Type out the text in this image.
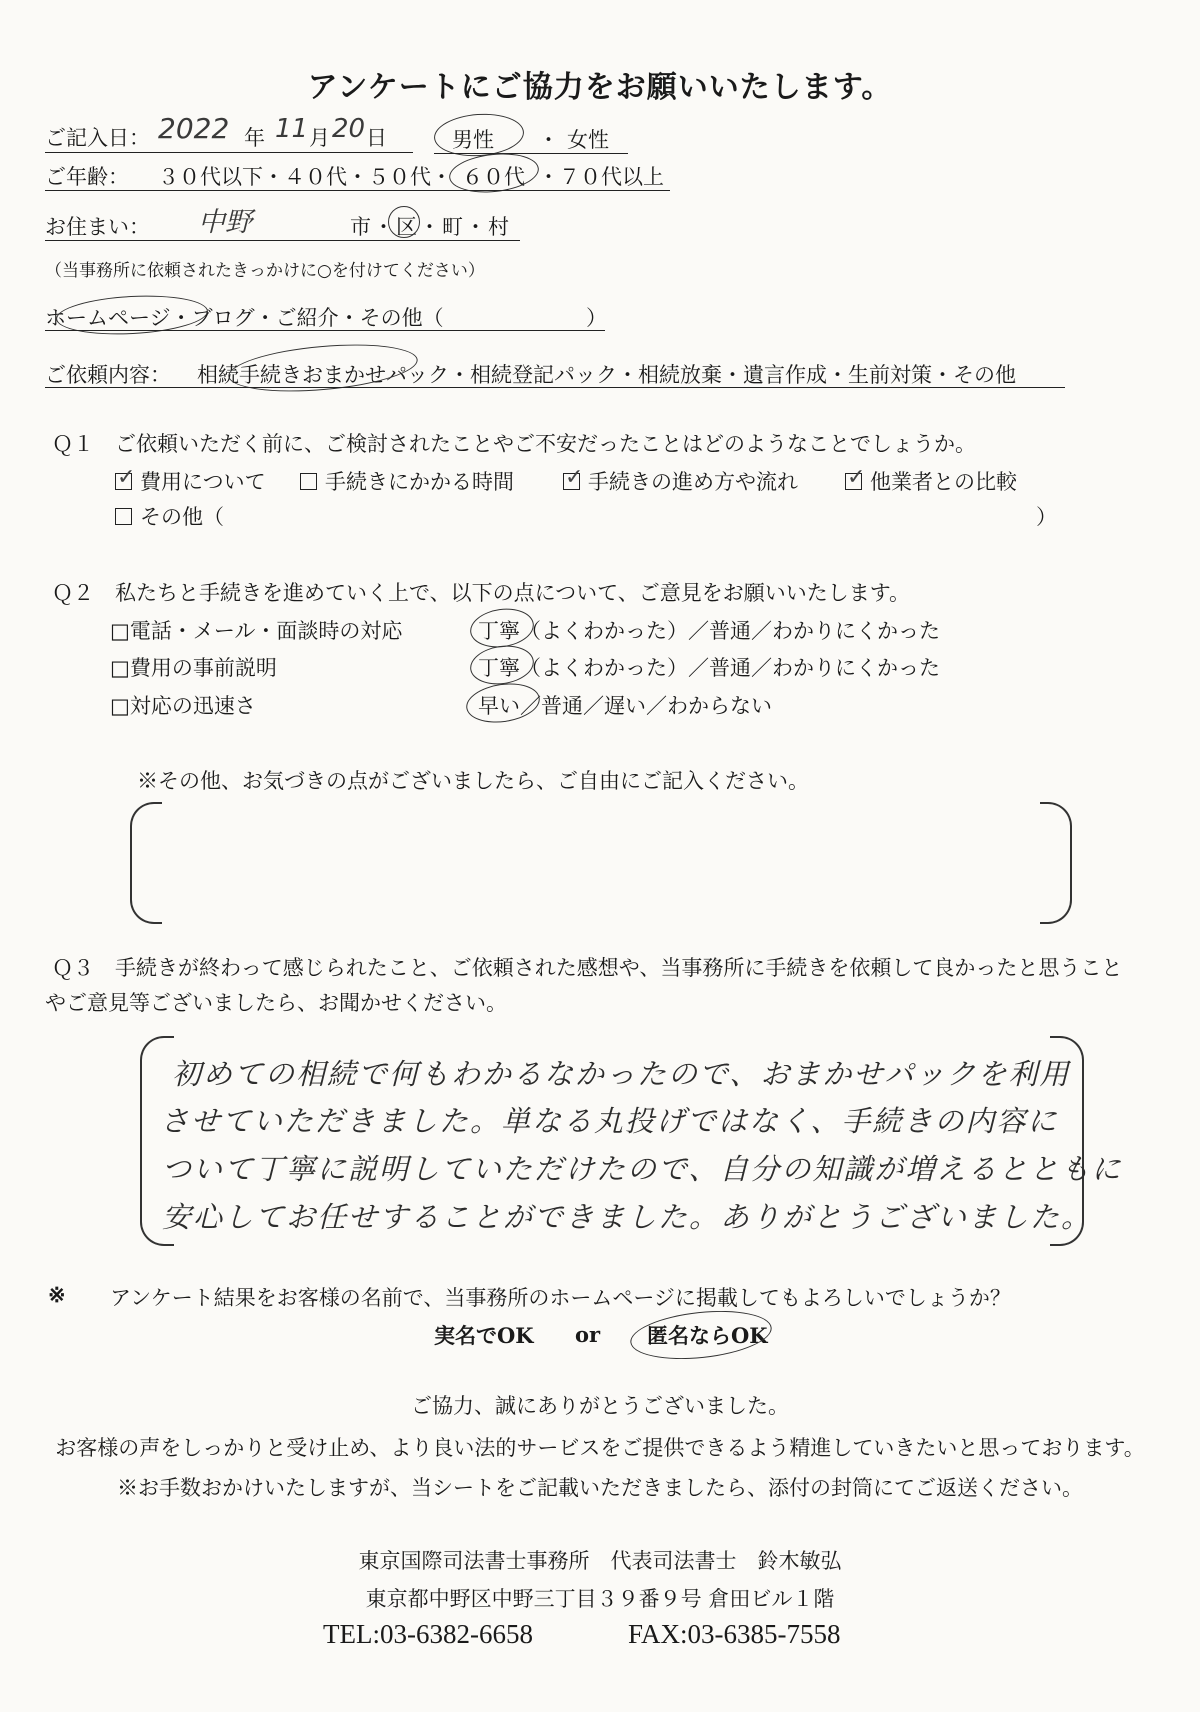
アンケートにご協力をお願いいたします。
ご記入日： 2022 年 11 月 20 日	男性 ・ 女性
ご年齢： ３０代以下・４０代・５０代・ ６０代 ・７０代以上
お住まい： 中野	市・区・町・村
（当事務所に依頼されたきっかけに○を付けてください）
ホームページ・ブログ・ご紹介・その他（	）
ご依頼内容： 相続手続きおまかせパック・相続登記パック・相続放棄・遺言作成・生前対策・その他
Ｑ１ ご依頼いただく前に、ご検討されたことやご不安だったことはどのようなことでしょうか。
✓費用について	手続きにかかる時間 ✓	手続きの進め方や流れ ✓	他業者との比較
その他（	）
Ｑ２ 私たちと手続きを進めていく上で、以下の点について、ご意見をお願いいたします。
□電話・メール・面談時の対応	丁寧（よくわかった）／普通／わかりにくかった
□費用の事前説明	丁寧（よくわかった）／普通／わかりにくかった
□対応の迅速さ	早い／普通／遅い／わからない
※その他、お気づきの点がございましたら、ご自由にご記入ください。
Ｑ３ 手続きが終わって感じられたこと、ご依頼された感想や、当事務所に手続きを依頼して良かったと思うこと
やご意見等ございましたら、お聞かせください。
初めての相続で何もわかるなかったので、おまかせパックを利用
させていただきました。単なる丸投げではなく、手続きの内容に
ついて丁寧に説明していただけたので、自分の知識が増えるとともに
安心してお任せすることができました。ありがとうございました。
※ アンケート結果をお客様の名前で、当事務所のホームページに掲載してもよろしいでしょうか？
実名でOK or 匿名ならOK
ご協力、誠にありがとうございました。
お客様の声をしっかりと受け止め、より良い法的サービスをご提供できるよう精進していきたいと思っております。
※お手数おかけいたしますが、当シートをご記載いただきましたら、添付の封筒にてご返送ください。
東京国際司法書士事務所　代表司法書士　鈴木敏弘
東京都中野区中野三丁目３９番９号 倉田ビル１階
TEL:03-6382-6658	FAX:03-6385-7558
